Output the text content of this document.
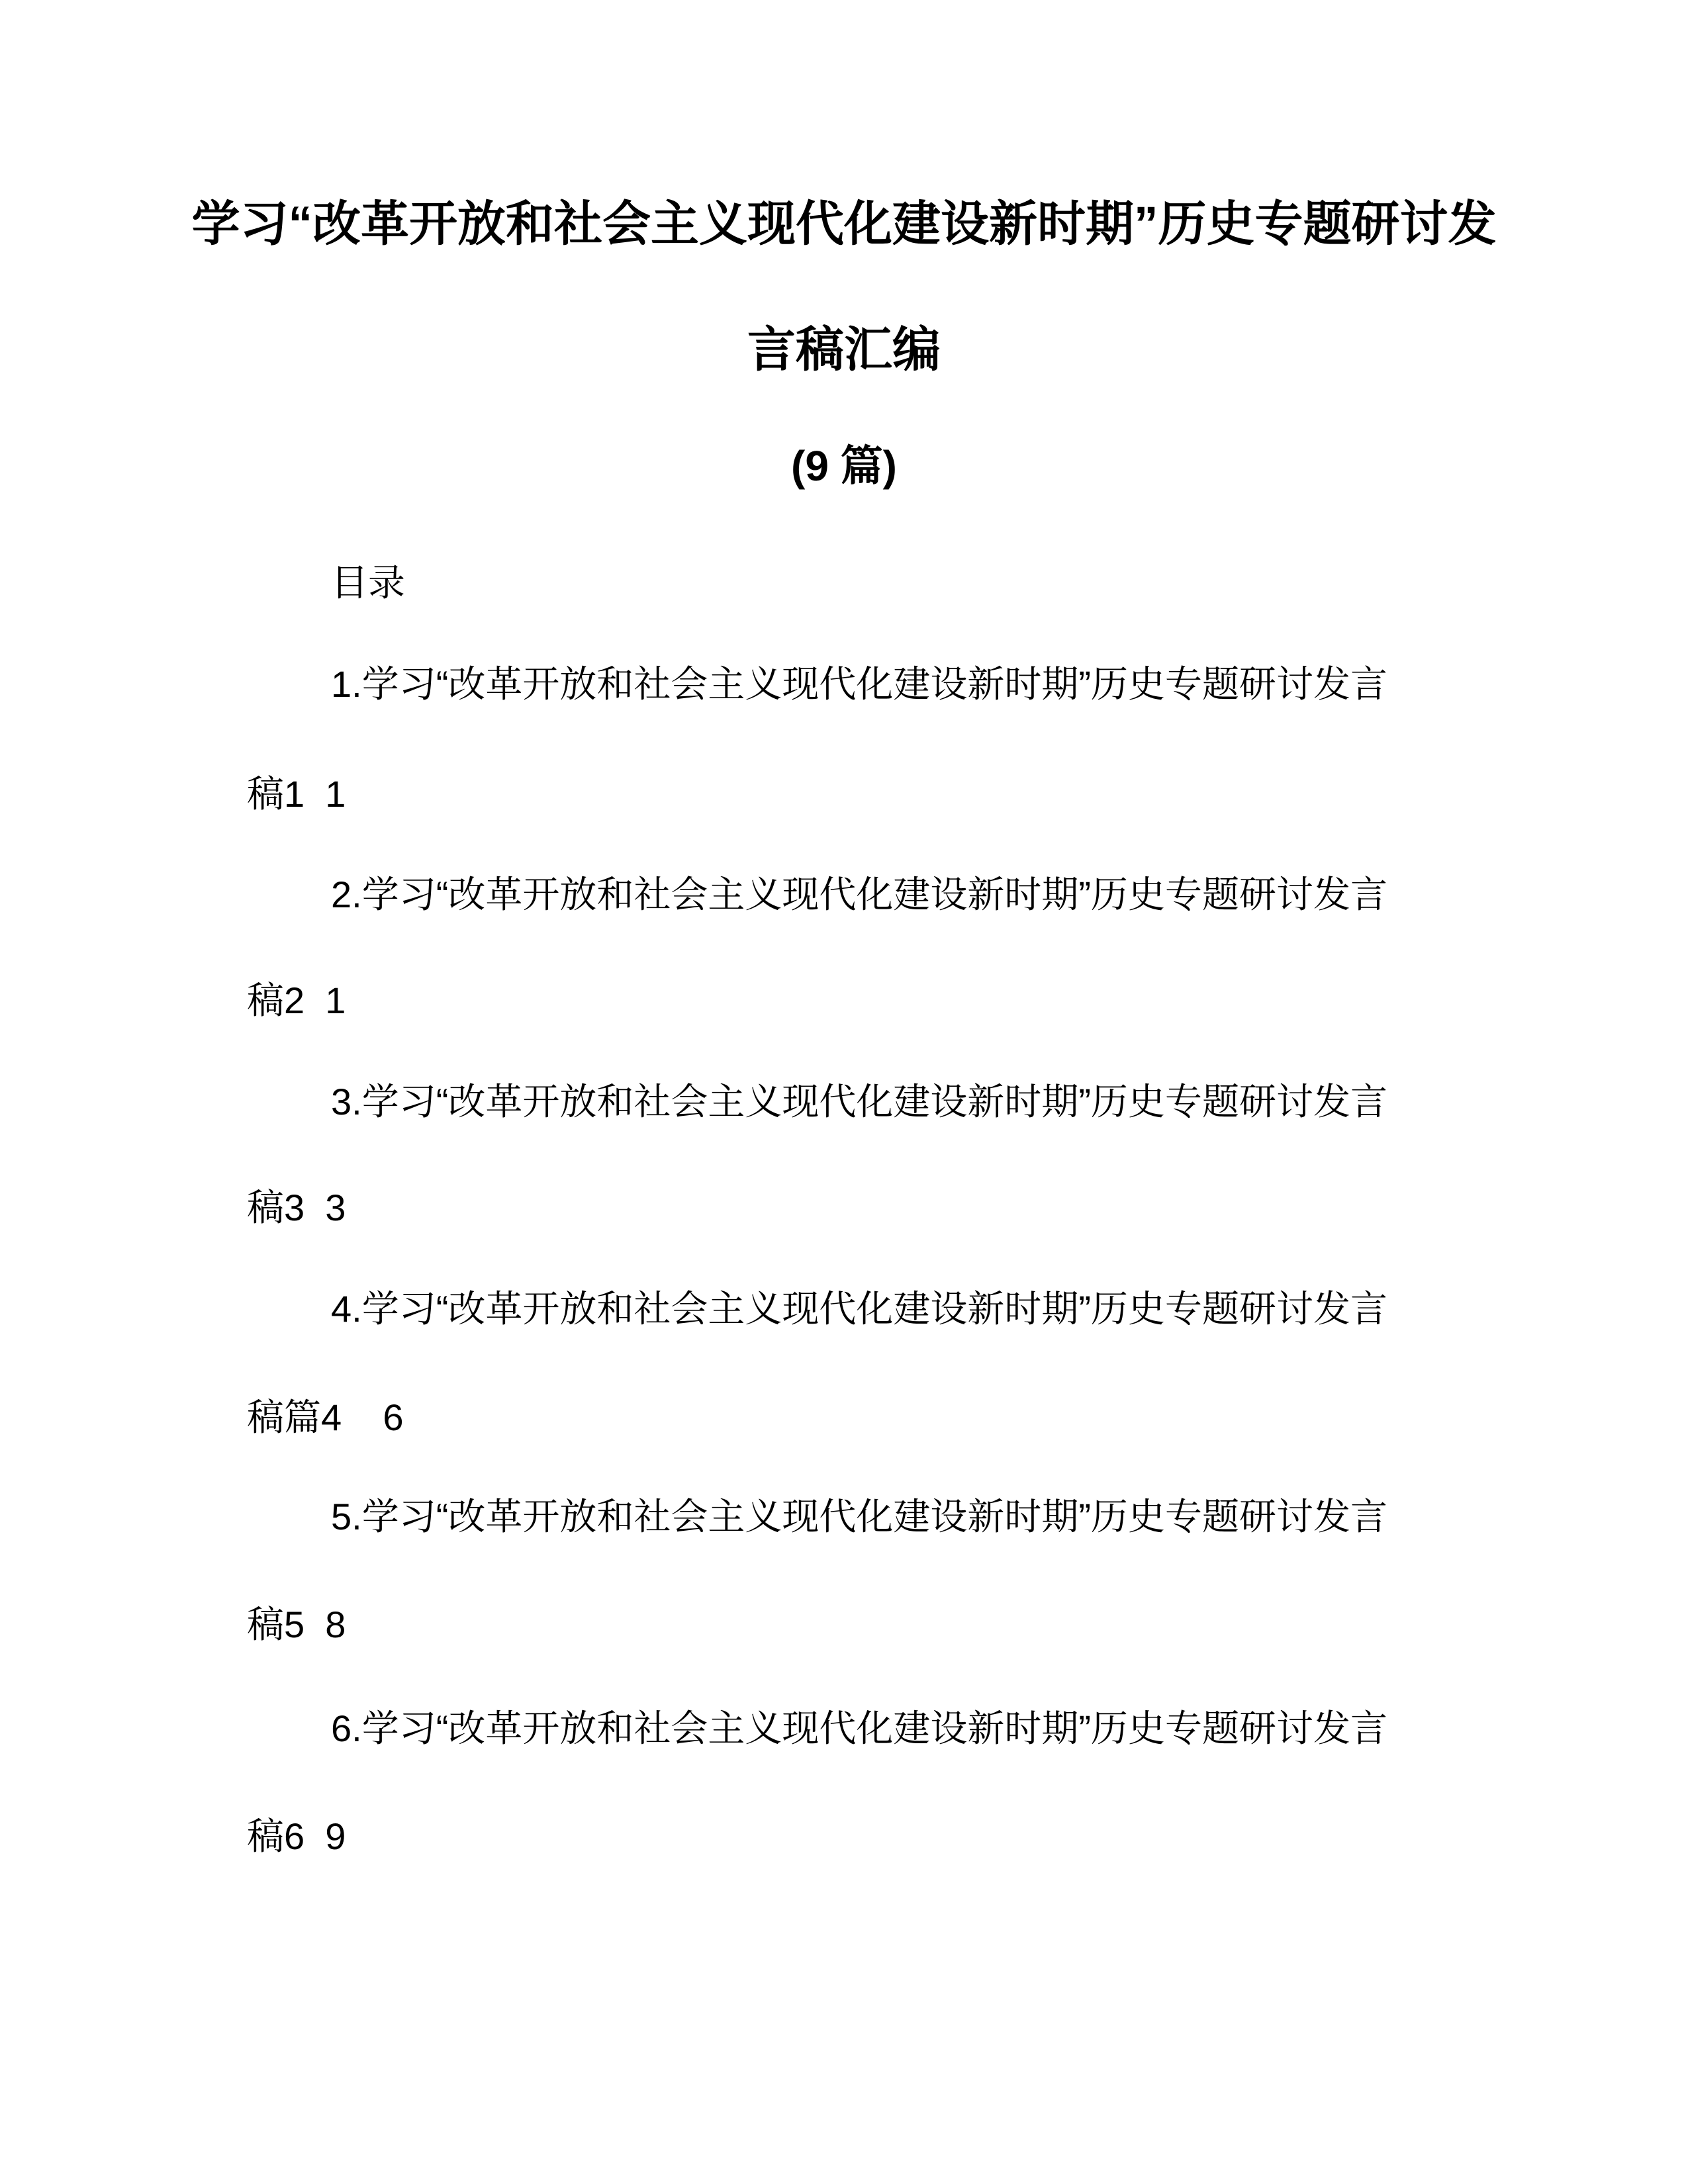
学习“改革开放和社会主义现代化建设新时期”历史专题研讨发
言稿汇编
(9 篇)
目录
1.学习“改革开放和社会主义现代化建设新时期”历史专题研讨发言
稿1  1
2.学习“改革开放和社会主义现代化建设新时期”历史专题研讨发言
稿2  1
3.学习“改革开放和社会主义现代化建设新时期”历史专题研讨发言
稿3  3
4.学习“改革开放和社会主义现代化建设新时期”历史专题研讨发言
稿篇4    6
5.学习“改革开放和社会主义现代化建设新时期”历史专题研讨发言
稿5  8
6.学习“改革开放和社会主义现代化建设新时期”历史专题研讨发言
稿6  9
